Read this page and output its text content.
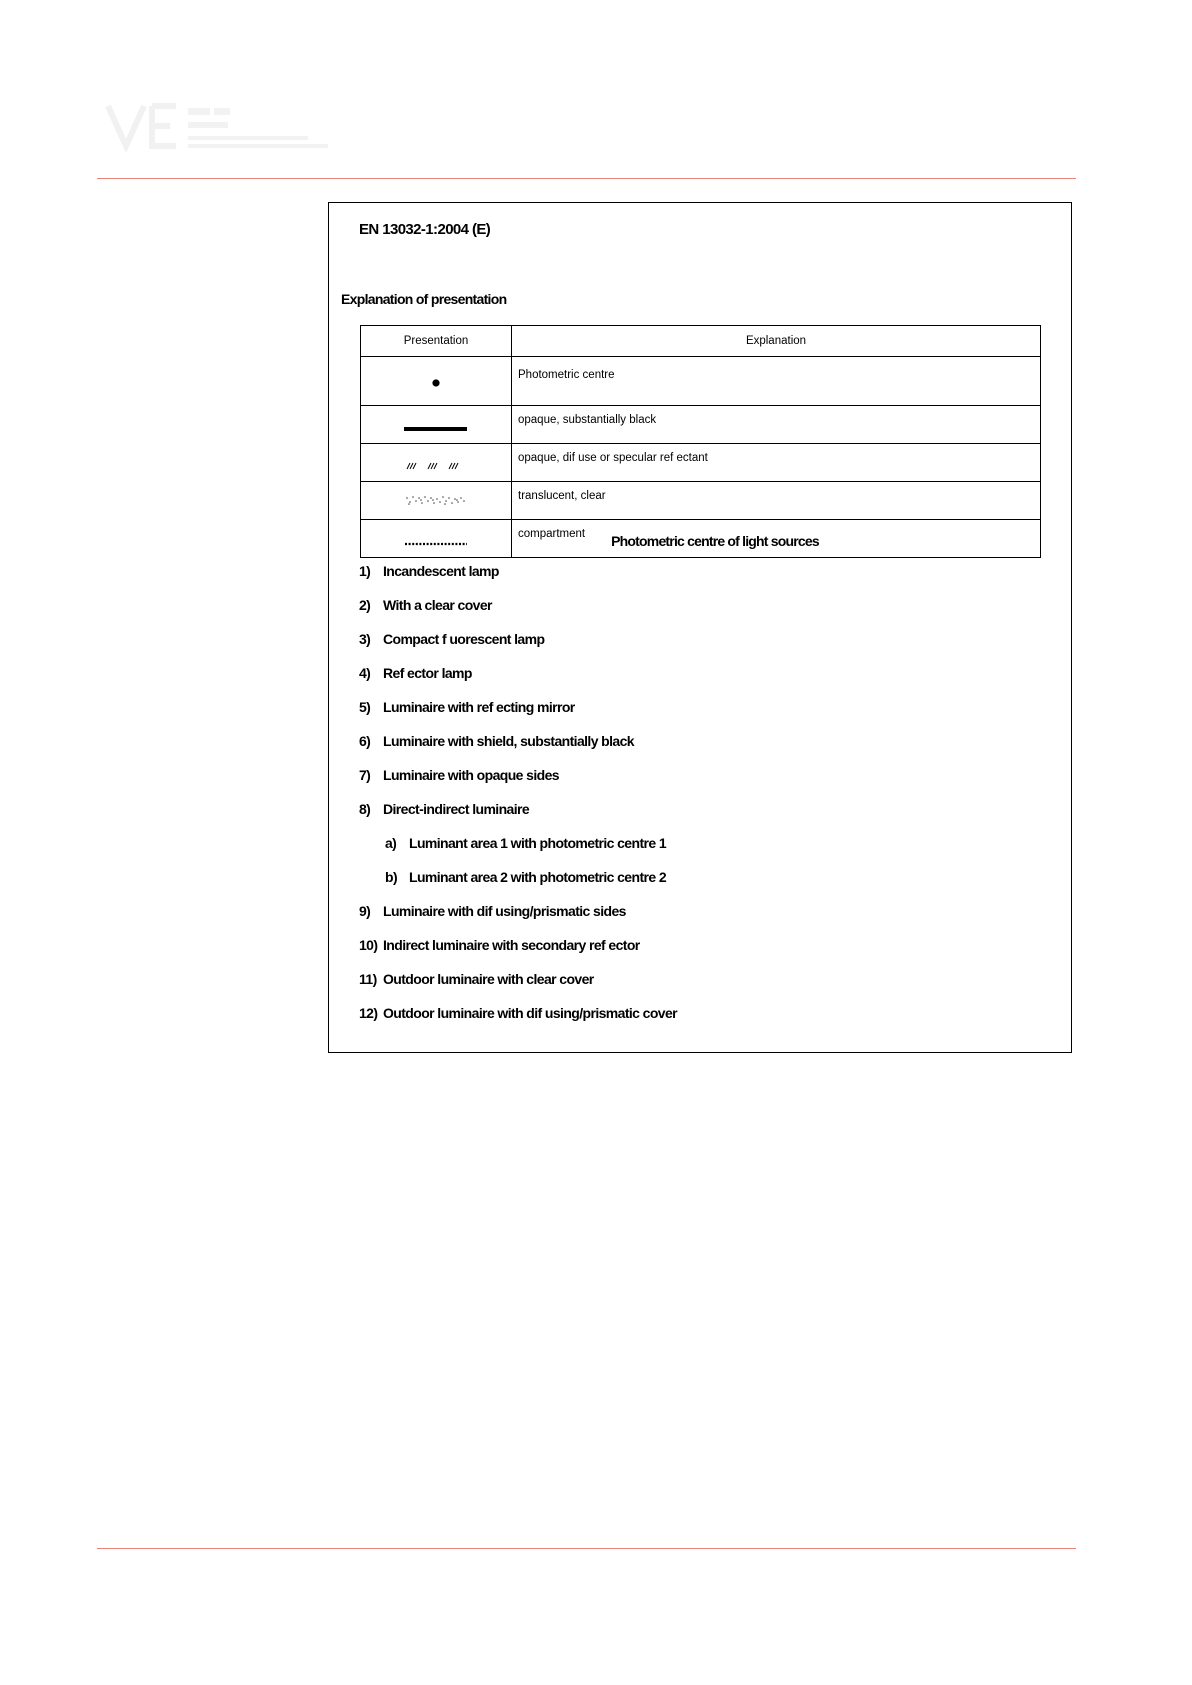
EN 13032-1:2004 (E)
Explanation of presentation
Presentation	Explanation
	Photometric centre
	opaque, substantially black
	opaque, dif use or specular ref ectant
	translucent, clear
	compartment	Photometric centre of light sources
1) Incandescent lamp
2) With a clear cover
3) Compact f uorescent lamp
4) Ref ector lamp
5) Luminaire with ref ecting mirror
6) Luminaire with shield, substantially black
7) Luminaire with opaque sides
8) Direct-indirect luminaire
a) Luminant area 1 with photometric centre 1
b) Luminant area 2 with photometric centre 2
9) Luminaire with dif using/prismatic sides
10) Indirect luminaire with secondary ref ector
11) Outdoor luminaire with clear cover
12) Outdoor luminaire with dif using/prismatic cover
